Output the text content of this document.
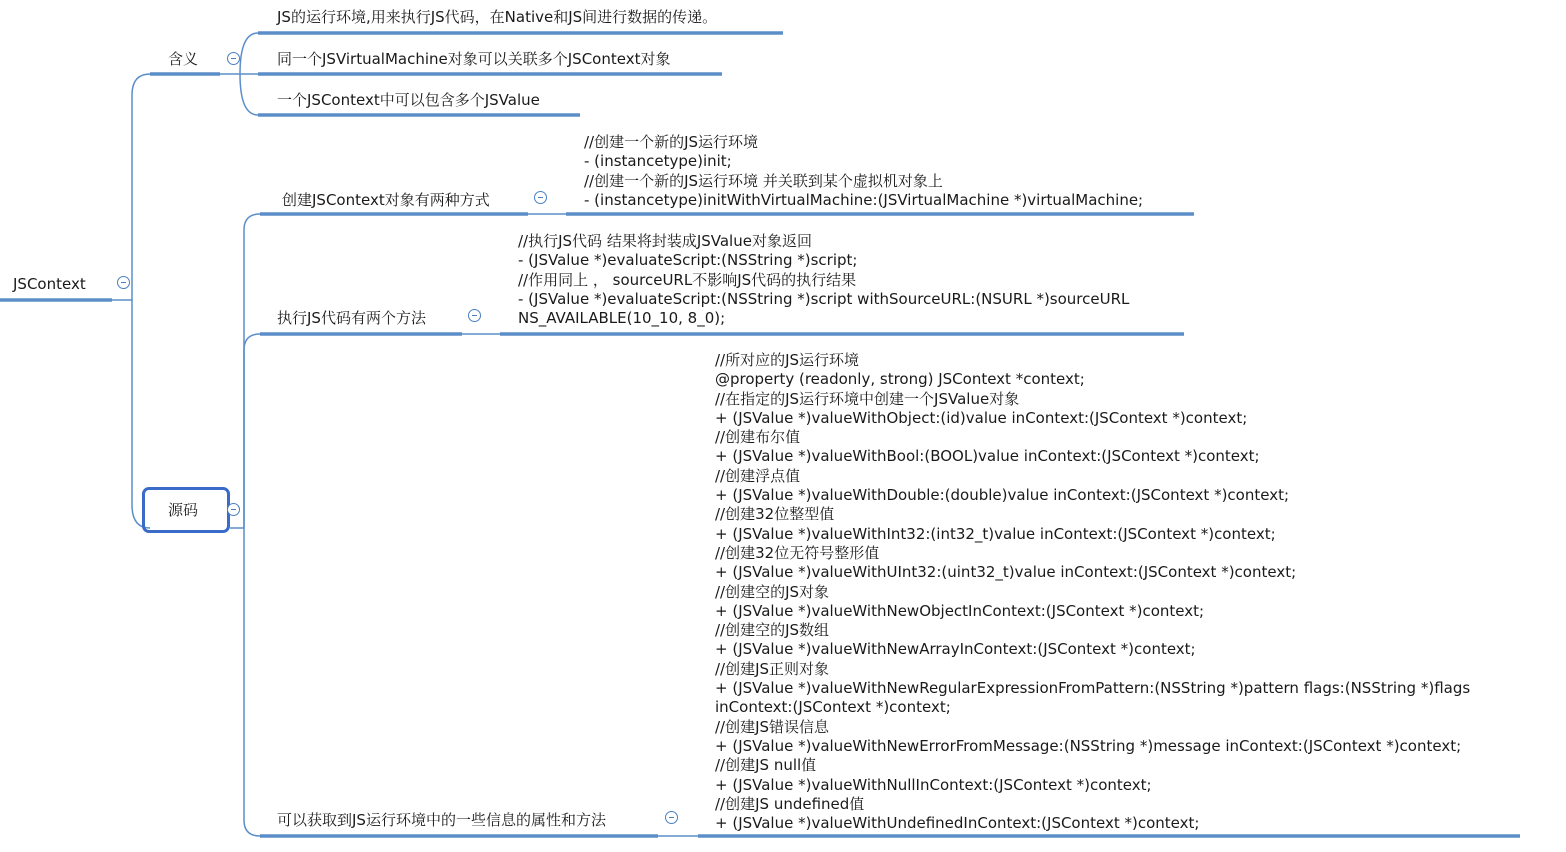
JSContext
含义
JS的运行环境,用来执行JS代码，在Native和JS间进行数据的传递。
同一个JSVirtualMachine对象可以关联多个JSContext对象
一个JSContext中可以包含多个JSValue
源码
创建JSContext对象有两种方式
//创建一个新的JS运行环境
- (instancetype)init;
//创建一个新的JS运行环境 并关联到某个虚拟机对象上
- (instancetype)initWithVirtualMachine:(JSVirtualMachine *)virtualMachine;
执行JS代码有两个方法
//执行JS代码 结果将封装成JSValue对象返回
- (JSValue *)evaluateScript:(NSString *)script;
//作用同上 ， sourceURL不影响JS代码的执行结果
- (JSValue *)evaluateScript:(NSString *)script withSourceURL:(NSURL *)sourceURL
NS_AVAILABLE(10_10, 8_0);
可以获取到JS运行环境中的一些信息的属性和方法
//所对应的JS运行环境
@property (readonly, strong) JSContext *context;
//在指定的JS运行环境中创建一个JSValue对象
+ (JSValue *)valueWithObject:(id)value inContext:(JSContext *)context;
//创建布尔值
+ (JSValue *)valueWithBool:(BOOL)value inContext:(JSContext *)context;
//创建浮点值
+ (JSValue *)valueWithDouble:(double)value inContext:(JSContext *)context;
//创建32位整型值
+ (JSValue *)valueWithInt32:(int32_t)value inContext:(JSContext *)context;
//创建32位无符号整形值
+ (JSValue *)valueWithUInt32:(uint32_t)value inContext:(JSContext *)context;
//创建空的JS对象
+ (JSValue *)valueWithNewObjectInContext:(JSContext *)context;
//创建空的JS数组
+ (JSValue *)valueWithNewArrayInContext:(JSContext *)context;
//创建JS正则对象
+ (JSValue *)valueWithNewRegularExpressionFromPattern:(NSString *)pattern flags:(NSString *)flags
inContext:(JSContext *)context;
//创建JS错误信息
+ (JSValue *)valueWithNewErrorFromMessage:(NSString *)message inContext:(JSContext *)context;
//创建JS null值
+ (JSValue *)valueWithNullInContext:(JSContext *)context;
//创建JS undefined值
+ (JSValue *)valueWithUndefinedInContext:(JSContext *)context;
